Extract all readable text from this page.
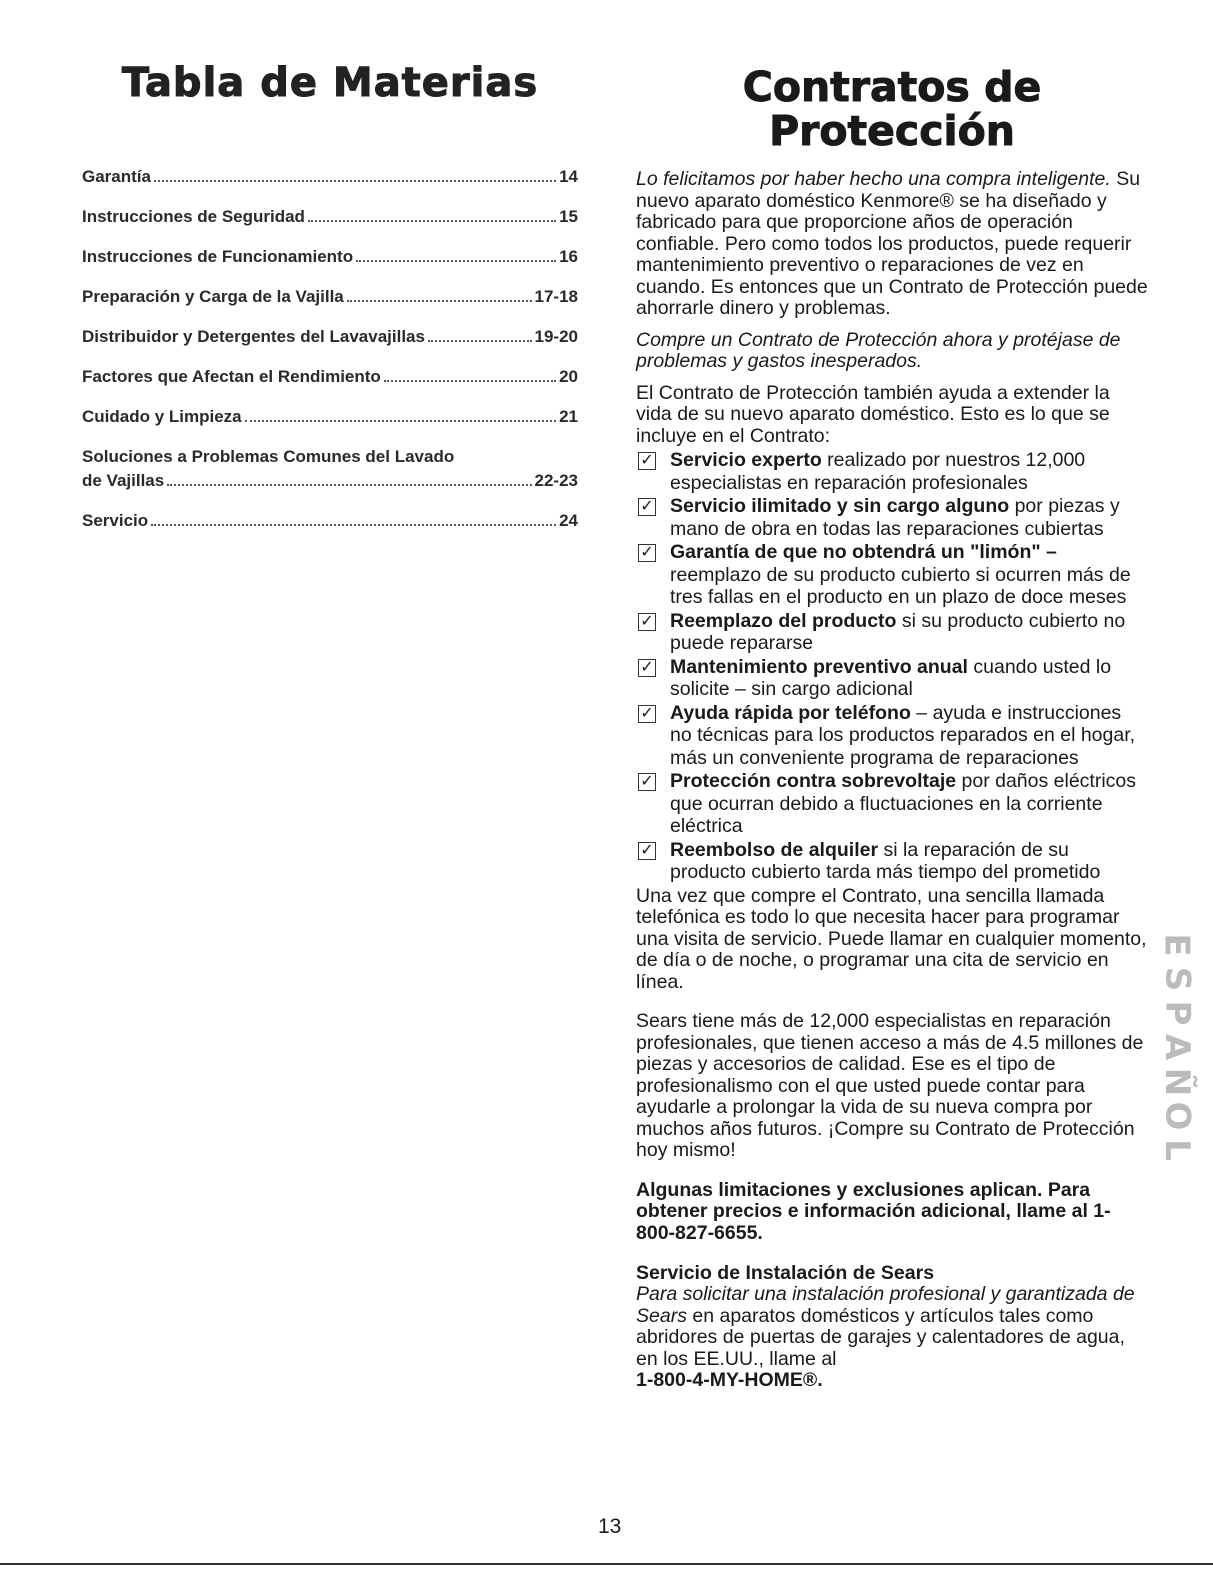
Tabla de Materias
Garantía	14
Instrucciones de Seguridad	15
Instrucciones de Funcionamiento	16
Preparación y Carga de la Vajilla	17-18
Distribuidor y Detergentes del Lavavajillas	19-20
Factores que Afectan el Rendimiento	20
Cuidado y Limpieza	21
Soluciones a Problemas Comunes del Lavado
de Vajillas	22-23
Servicio	24
Contratos de
Protección

Lo felicitamos por haber hecho una compra inteligente. Su nuevo aparato doméstico Kenmore® se ha diseñado y fabricado para que proporcione años de operación confiable. Pero como todos los productos, puede requerir mantenimiento preventivo o reparaciones de vez en cuando. Es entonces que un Contrato de Protección puede ahorrarle dinero y problemas.

Compre un Contrato de Protección ahora y protéjase de problemas y gastos inesperados.

El Contrato de Protección también ayuda a extender la vida de su nuevo aparato doméstico. Esto es lo que se incluye en el Contrato:

✓ Servicio experto realizado por nuestros 12,000 especialistas en reparación profesionales
✓ Servicio ilimitado y sin cargo alguno por piezas y mano de obra en todas las reparaciones cubiertas
✓ Garantía de que no obtendrá un "limón" – reemplazo de su producto cubierto si ocurren más de tres fallas en el producto en un plazo de doce meses
✓ Reemplazo del producto si su producto cubierto no puede repararse
✓ Mantenimiento preventivo anual cuando usted lo solicite – sin cargo adicional
✓ Ayuda rápida por teléfono – ayuda e instrucciones no técnicas para los productos reparados en el hogar, más un conveniente programa de reparaciones
✓ Protección contra sobrevoltaje por daños eléctricos que ocurran debido a fluctuaciones en la corriente eléctrica
✓ Reembolso de alquiler si la reparación de su producto cubierto tarda más tiempo del prometido

Una vez que compre el Contrato, una sencilla llamada telefónica es todo lo que necesita hacer para programar una visita de servicio. Puede llamar en cualquier momento, de día o de noche, o programar una cita de servicio en línea.

Sears tiene más de 12,000 especialistas en reparación profesionales, que tienen acceso a más de 4.5 millones de piezas y accesorios de calidad. Ese es el tipo de profesionalismo con el que usted puede contar para ayudarle a prolongar la vida de su nueva compra por muchos años futuros. ¡Compre su Contrato de Protección hoy mismo!

Algunas limitaciones y exclusiones aplican. Para obtener precios e información adicional, llame al 1-800-827-6655.

Servicio de Instalación de Sears

Para solicitar una instalación profesional y garantizada de Sears en aparatos domésticos y artículos tales como abridores de puertas de garajes y calentadores de agua, en los EE.UU., llame al
1-800-4-MY-HOME®.

E
S
P
A
Ñ
O
L
13
